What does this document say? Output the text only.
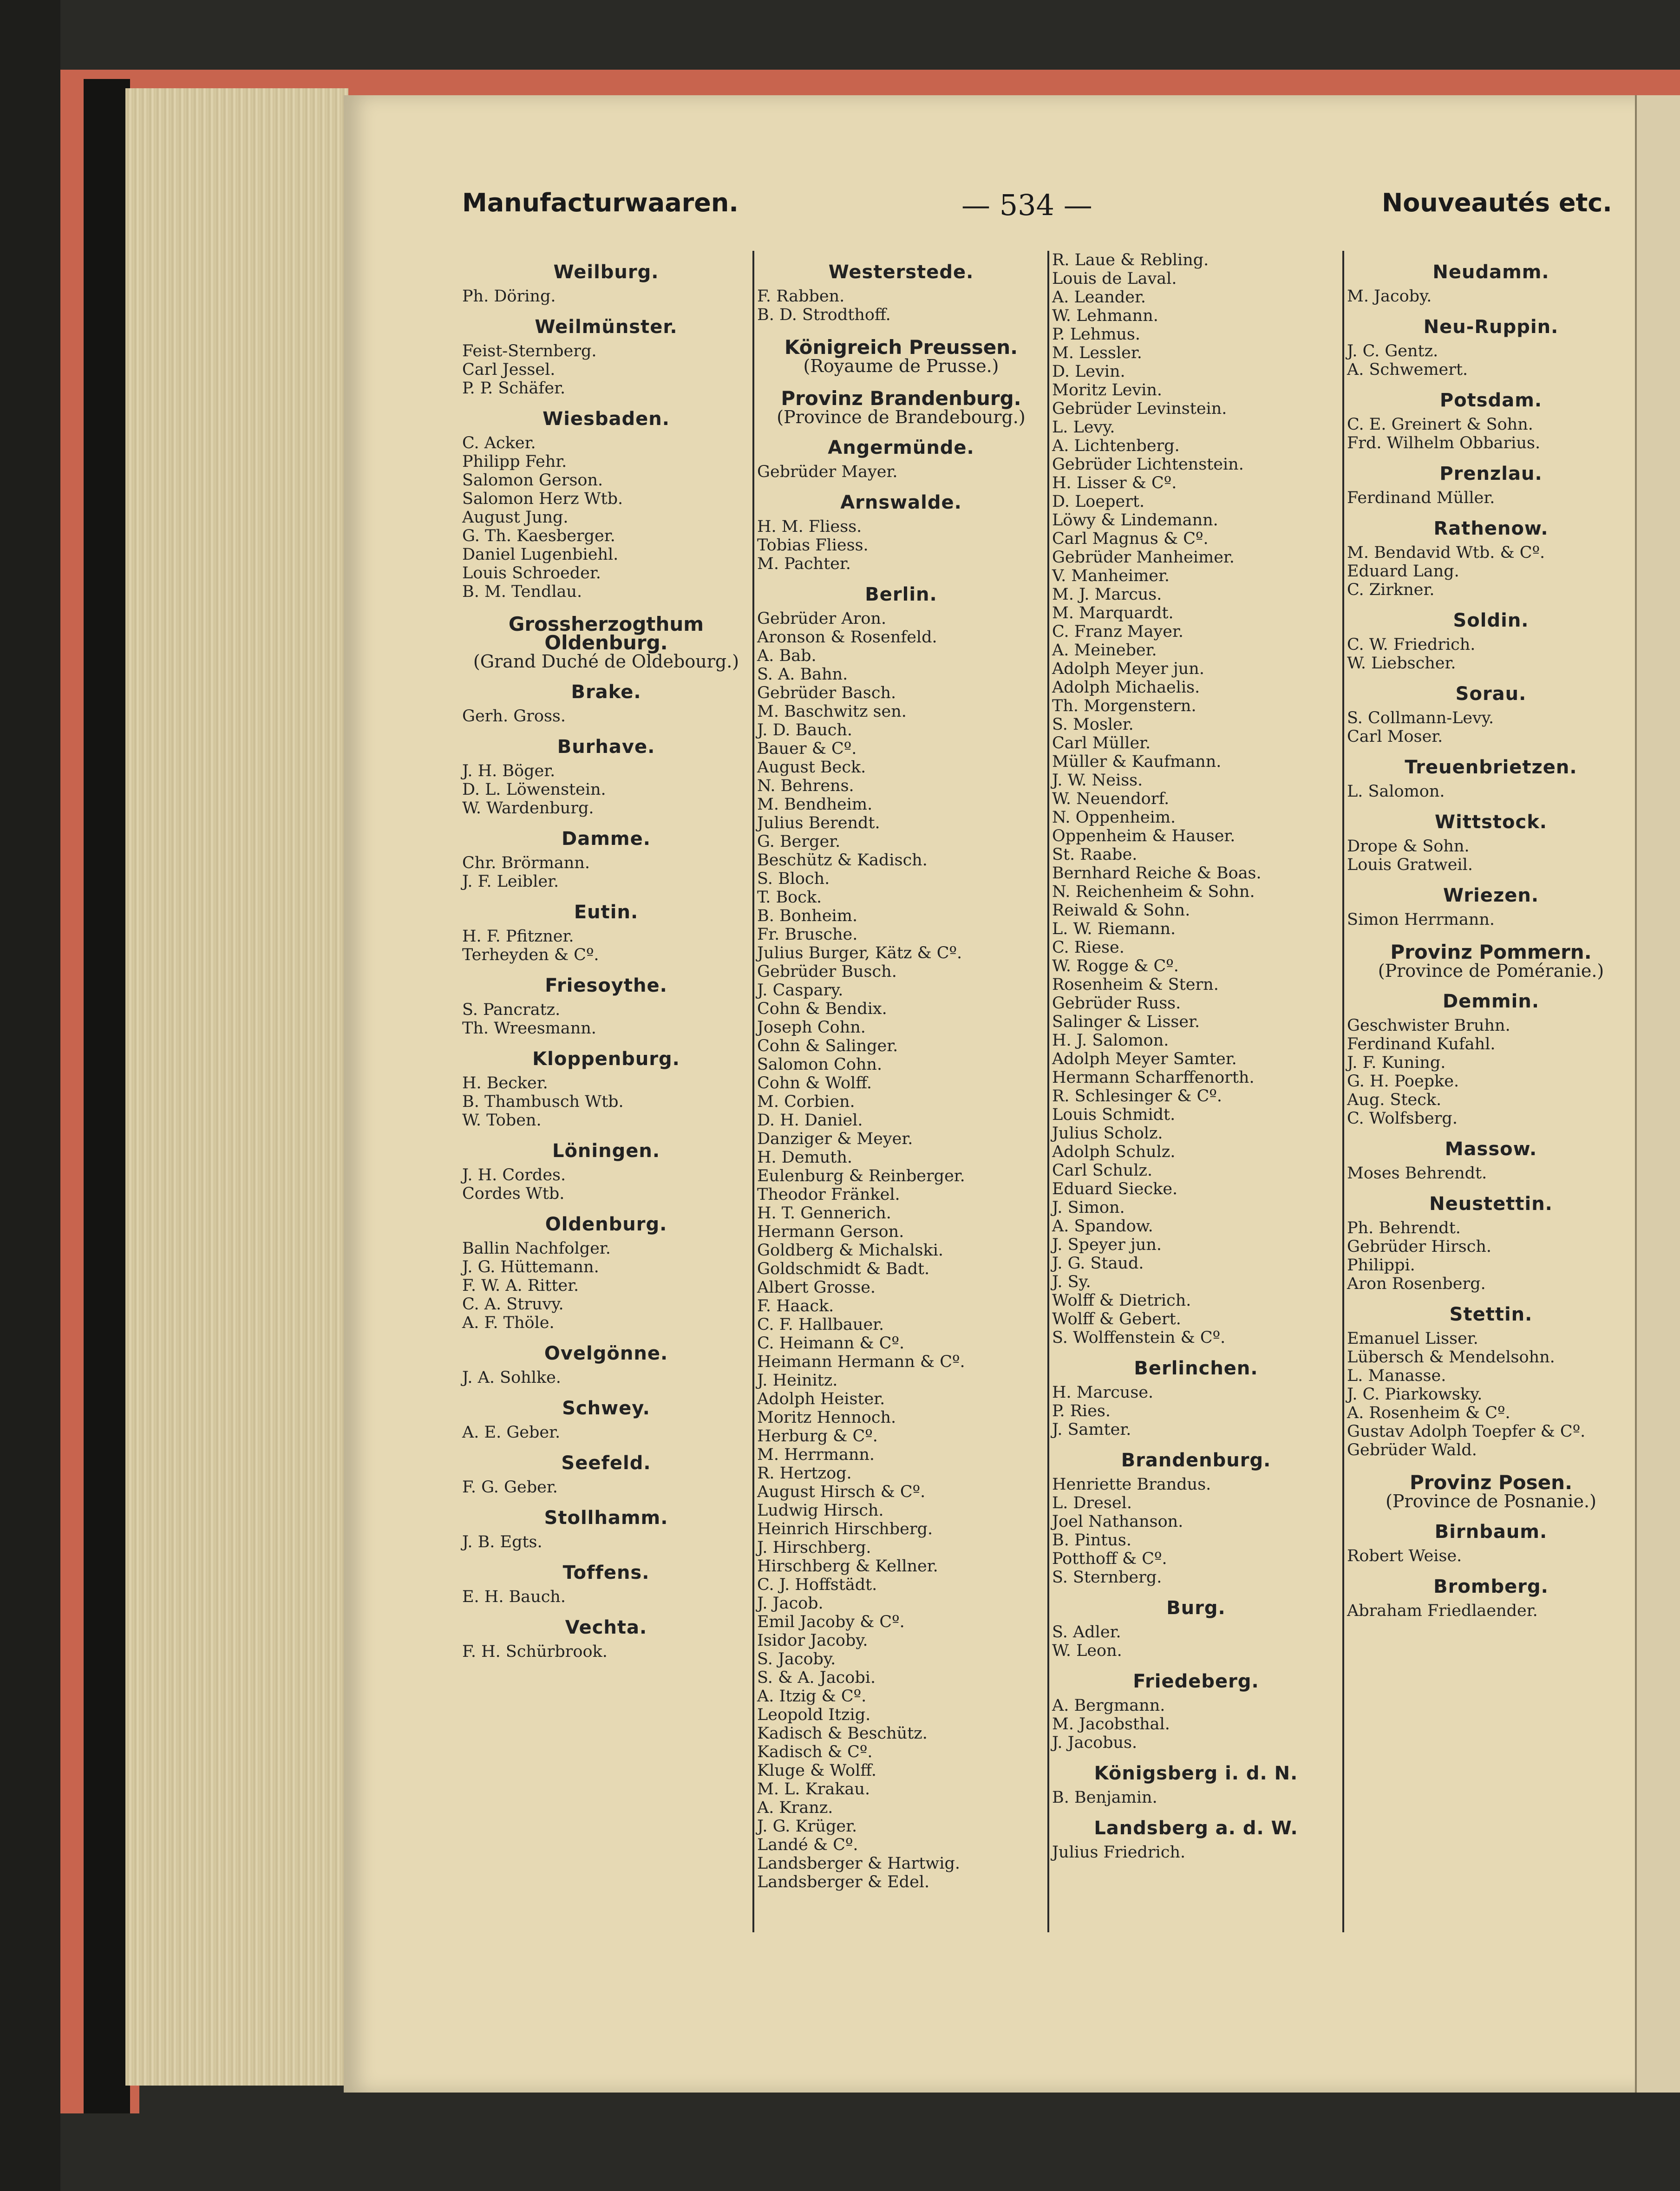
Manufacturwaaren.	— 534 —	Nouveautés etc.
Weilburg.
Ph. Döring.
Weilmünster.
Feist-Sternberg.
Carl Jessel.
P. P. Schäfer.
Wiesbaden.
C. Acker.
Philipp Fehr.
Salomon Gerson.
Salomon Herz Wtb.
August Jung.
G. Th. Kaesberger.
Daniel Lugenbiehl.
Louis Schroeder.
B. M. Tendlau.
Grossherzogthum Oldenburg.
(Grand Duché de Oldebourg.)
Brake.
Gerh. Gross.
Burhave.
J. H. Böger.
D. L. Löwenstein.
W. Wardenburg.
Damme.
Chr. Brörmann.
J. F. Leibler.
Eutin.
H. F. Pfitzner.
Terheyden & Cº.
Friesoythe.
S. Pancratz.
Th. Wreesmann.
Kloppenburg.
H. Becker.
B. Thambusch Wtb.
W. Toben.
Löningen.
J. H. Cordes.
Cordes Wtb.
Oldenburg.
Ballin Nachfolger.
J. G. Hüttemann.
F. W. A. Ritter.
C. A. Struvy.
A. F. Thöle.
Ovelgönne.
J. A. Sohlke.
Schwey.
A. E. Geber.
Seefeld.
F. G. Geber.
Stollhamm.
J. B. Egts.
Toffens.
E. H. Bauch.
Vechta.
F. H. Schürbrook.
Westerstede.
F. Rabben.
B. D. Strodthoff.
Königreich Preussen.
(Royaume de Prusse.)
Provinz Brandenburg.
(Province de Brandebourg.)
Angermünde.
Gebrüder Mayer.
Arnswalde.
H. M. Fliess.
Tobias Fliess.
M. Pachter.
Berlin.
Gebrüder Aron.
Aronson & Rosenfeld.
A. Bab.
S. A. Bahn.
Gebrüder Basch.
M. Baschwitz sen.
J. D. Bauch.
Bauer & Cº.
August Beck.
N. Behrens.
M. Bendheim.
Julius Berendt.
G. Berger.
Beschütz & Kadisch.
S. Bloch.
T. Bock.
B. Bonheim.
Fr. Brusche.
Julius Burger, Kätz & Cº.
Gebrüder Busch.
J. Caspary.
Cohn & Bendix.
Joseph Cohn.
Cohn & Salinger.
Salomon Cohn.
Cohn & Wolff.
M. Corbien.
D. H. Daniel.
Danziger & Meyer.
H. Demuth.
Eulenburg & Reinberger.
Theodor Fränkel.
H. T. Gennerich.
Hermann Gerson.
Goldberg & Michalski.
Goldschmidt & Badt.
Albert Grosse.
F. Haack.
C. F. Hallbauer.
C. Heimann & Cº.
Heimann Hermann & Cº.
J. Heinitz.
Adolph Heister.
Moritz Hennoch.
Herburg & Cº.
M. Herrmann.
R. Hertzog.
August Hirsch & Cº.
Ludwig Hirsch.
Heinrich Hirschberg.
J. Hirschberg.
Hirschberg & Kellner.
C. J. Hoffstädt.
J. Jacob.
Emil Jacoby & Cº.
Isidor Jacoby.
S. Jacoby.
S. & A. Jacobi.
A. Itzig & Cº.
Leopold Itzig.
Kadisch & Beschütz.
Kadisch & Cº.
Kluge & Wolff.
M. L. Krakau.
A. Kranz.
J. G. Krüger.
Landé & Cº.
Landsberger & Hartwig.
Landsberger & Edel.
R. Laue & Rebling.
Louis de Laval.
A. Leander.
W. Lehmann.
P. Lehmus.
M. Lessler.
D. Levin.
Moritz Levin.
Gebrüder Levinstein.
L. Levy.
A. Lichtenberg.
Gebrüder Lichtenstein.
H. Lisser & Cº.
D. Loepert.
Löwy & Lindemann.
Carl Magnus & Cº.
Gebrüder Manheimer.
V. Manheimer.
M. J. Marcus.
M. Marquardt.
C. Franz Mayer.
A. Meineber.
Adolph Meyer jun.
Adolph Michaelis.
Th. Morgenstern.
S. Mosler.
Carl Müller.
Müller & Kaufmann.
J. W. Neiss.
W. Neuendorf.
N. Oppenheim.
Oppenheim & Hauser.
St. Raabe.
Bernhard Reiche & Boas.
N. Reichenheim & Sohn.
Reiwald & Sohn.
L. W. Riemann.
C. Riese.
W. Rogge & Cº.
Rosenheim & Stern.
Gebrüder Russ.
Salinger & Lisser.
H. J. Salomon.
Adolph Meyer Samter.
Hermann Scharffenorth.
R. Schlesinger & Cº.
Louis Schmidt.
Julius Scholz.
Adolph Schulz.
Carl Schulz.
Eduard Siecke.
J. Simon.
A. Spandow.
J. Speyer jun.
J. G. Staud.
J. Sy.
Wolff & Dietrich.
Wolff & Gebert.
S. Wolffenstein & Cº.
Berlinchen.
H. Marcuse.
P. Ries.
J. Samter.
Brandenburg.
Henriette Brandus.
L. Dresel.
Joel Nathanson.
B. Pintus.
Potthoff & Cº.
S. Sternberg.
Burg.
S. Adler.
W. Leon.
Friedeberg.
A. Bergmann.
M. Jacobsthal.
J. Jacobus.
Königsberg i. d. N.
B. Benjamin.
Landsberg a. d. W.
Julius Friedrich.
Neudamm.
M. Jacoby.
Neu-Ruppin.
J. C. Gentz.
A. Schwemert.
Potsdam.
C. E. Greinert & Sohn.
Frd. Wilhelm Obbarius.
Prenzlau.
Ferdinand Müller.
Rathenow.
M. Bendavid Wtb. & Cº.
Eduard Lang.
C. Zirkner.
Soldin.
C. W. Friedrich.
W. Liebscher.
Sorau.
S. Collmann-Levy.
Carl Moser.
Treuenbrietzen.
L. Salomon.
Wittstock.
Drope & Sohn.
Louis Gratweil.
Wriezen.
Simon Herrmann.
Provinz Pommern.
(Province de Poméranie.)
Demmin.
Geschwister Bruhn.
Ferdinand Kufahl.
J. F. Kuning.
G. H. Poepke.
Aug. Steck.
C. Wolfsberg.
Massow.
Moses Behrendt.
Neustettin.
Ph. Behrendt.
Gebrüder Hirsch.
Philippi.
Aron Rosenberg.
Stettin.
Emanuel Lisser.
Lübersch & Mendelsohn.
L. Manasse.
J. C. Piarkowsky.
A. Rosenheim & Cº.
Gustav Adolph Toepfer & Cº.
Gebrüder Wald.
Provinz Posen.
(Province de Posnanie.)
Birnbaum.
Robert Weise.
Bromberg.
Abraham Friedlaender.
